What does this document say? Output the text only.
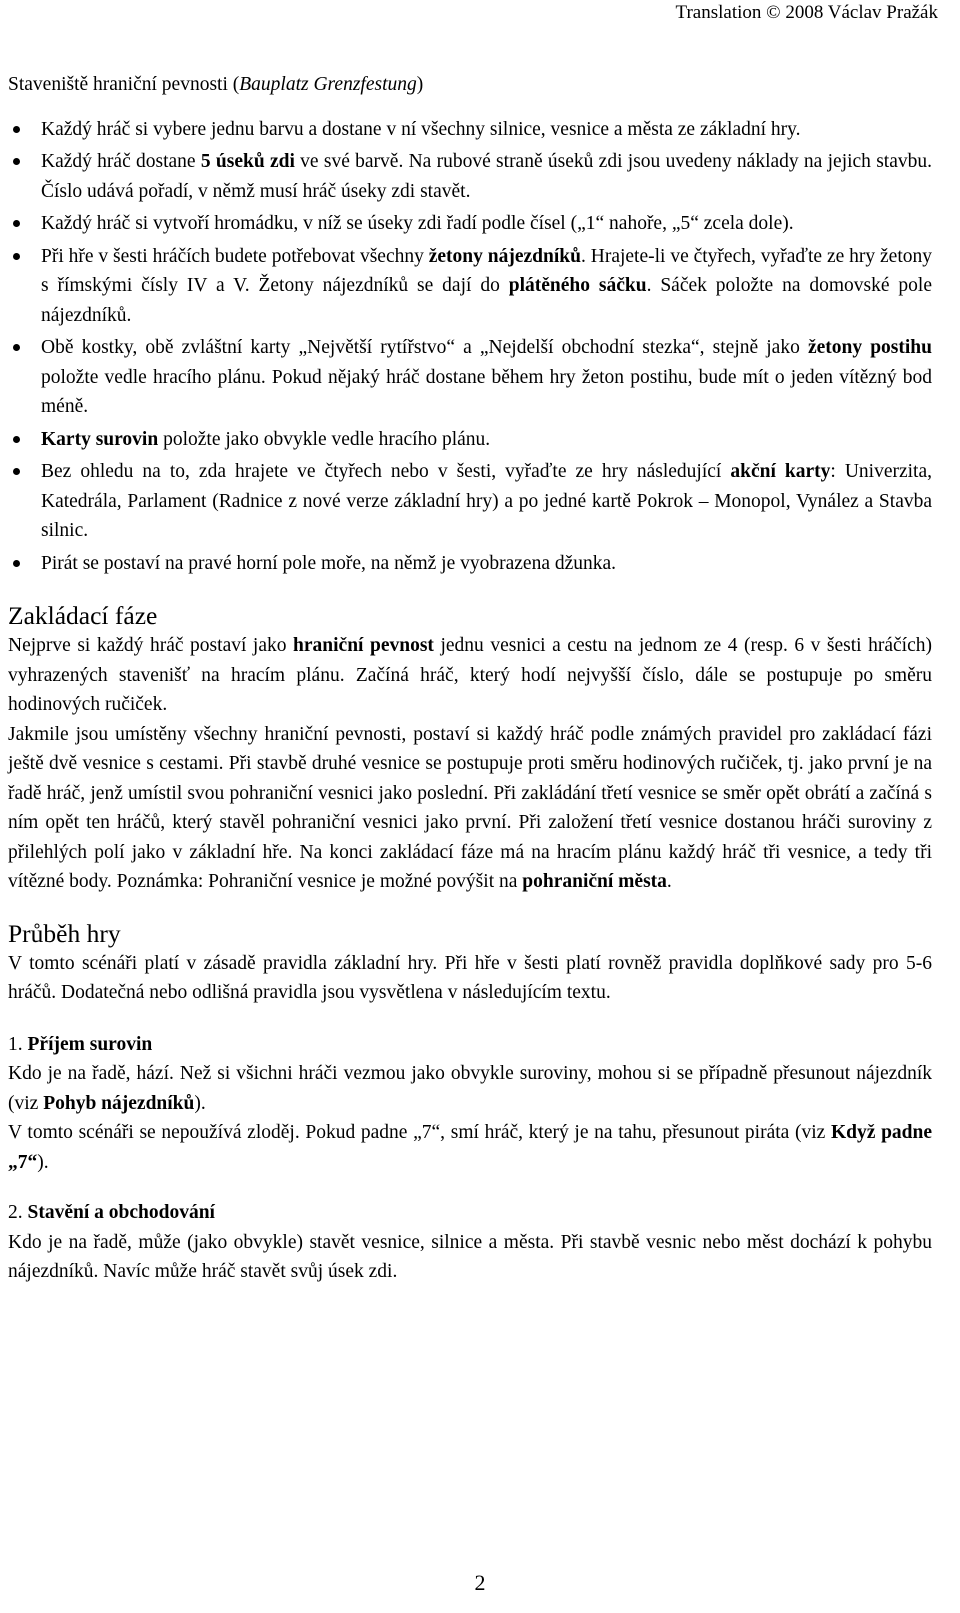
Translation © 2008 Václav Pražák

Staveniště hraniční pevnosti (Bauplatz Grenzfestung)

Každý hráč si vybere jednu barvu a dostane v ní všechny silnice, vesnice a města ze základní hry.
Každý hráč dostane 5 úseků zdi ve své barvě. Na rubové straně úseků zdi jsou uvedeny náklady na jejich stavbu. Číslo udává pořadí, v němž musí hráč úseky zdi stavět.
Každý hráč si vytvoří hromádku, v níž se úseky zdi řadí podle čísel („1“ nahoře, „5“ zcela dole).
Při hře v šesti hráčích budete potřebovat všechny žetony nájezdníků. Hrajete-li ve čtyřech, vyřaďte ze hry žetony s římskými čísly IV a V. Žetony nájezdníků se dají do plátěného sáčku. Sáček položte na domovské pole nájezdníků.
Obě kostky, obě zvláštní karty „Největší rytířstvo“ a „Nejdelší obchodní stezka“, stejně jako žetony postihu položte vedle hracího plánu. Pokud nějaký hráč dostane během hry žeton postihu, bude mít o jeden vítězný bod méně.
Karty surovin položte jako obvykle vedle hracího plánu.
Bez ohledu na to, zda hrajete ve čtyřech nebo v šesti, vyřaďte ze hry následující akční karty: Univerzita, Katedrála, Parlament (Radnice z nové verze základní hry) a po jedné kartě Pokrok – Monopol, Vynález a Stavba silnic.
Pirát se postaví na pravé horní pole moře, na němž je vyobrazena džunka.
Zakládací fáze

Nejprve si každý hráč postaví jako hraniční pevnost jednu vesnici a cestu na jednom ze 4 (resp. 6 v šesti hráčích) vyhrazených stavenišť na hracím plánu. Začíná hráč, který hodí nejvyšší číslo, dále se postupuje po směru hodinových ručiček.

Jakmile jsou umístěny všechny hraniční pevnosti, postaví si každý hráč podle známých pravidel pro zakládací fázi ještě dvě vesnice s cestami. Při stavbě druhé vesnice se postupuje proti směru hodinových ručiček, tj. jako první je na řadě hráč, jenž umístil svou pohraniční vesnici jako poslední. Při zakládání třetí vesnice se směr opět obrátí a začíná s ním opět ten hráčů, který stavěl pohraniční vesnici jako první. Při založení třetí vesnice dostanou hráči suroviny z přilehlých polí jako v základní hře. Na konci zakládací fáze má na hracím plánu každý hráč tři vesnice, a tedy tři vítězné body. Poznámka: Pohraniční vesnice je možné povýšit na pohraniční města.

Průběh hry

V tomto scénáři platí v zásadě pravidla základní hry. Při hře v šesti platí rovněž pravidla doplňkové sady pro 5-6 hráčů. Dodatečná nebo odlišná pravidla jsou vysvětlena v následujícím textu.

1. Příjem surovin

Kdo je na řadě, hází. Než si všichni hráči vezmou jako obvykle suroviny, mohou si se případně přesunout nájezdník (viz Pohyb nájezdníků).

V tomto scénáři se nepoužívá zloděj. Pokud padne „7“, smí hráč, který je na tahu, přesunout piráta (viz Když padne „7“).

2. Stavění a obchodování

Kdo je na řadě, může (jako obvykle) stavět vesnice, silnice a města. Při stavbě vesnic nebo měst dochází k pohybu nájezdníků. Navíc může hráč stavět svůj úsek zdi.

2
